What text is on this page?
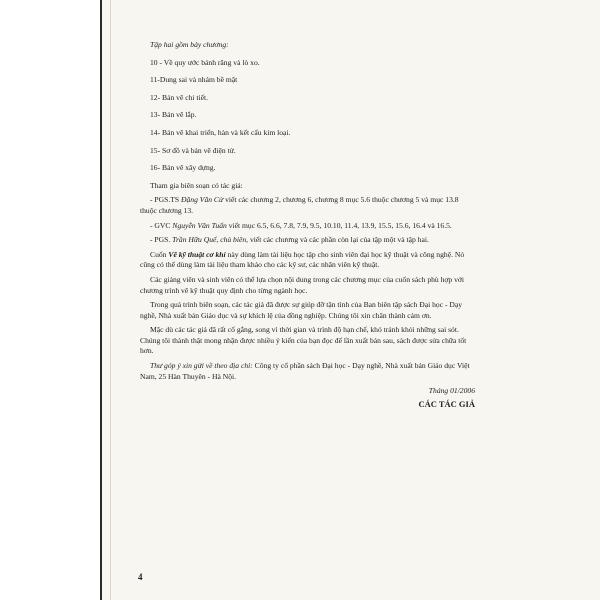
Tập hai gồm bảy chương:

10 - Về quy ước bánh răng và lò xo.

11-Dung sai và nhám bề mặt

12- Bản vẽ chi tiết.

13- Bản vẽ lắp.

14- Bản vẽ khai triển, hàn và kết cấu kim loại.

15- Sơ đồ và bản vẽ điện tử.

16- Bản vẽ xây dựng.

Tham gia biên soạn có tác giả:

- PGS.TS Đặng Văn Cừ viết các chương 2, chương 6, chương 8 mục 5.6 thuộc chương 5 và mục 13.8 thuộc chương 13.

- GVC Nguyễn Văn Tuấn viết mục 6.5, 6.6, 7.8, 7.9, 9.5, 10.10, 11.4, 13.9, 15.5, 15.6, 16.4 và 16.5.

- PGS. Trần Hữu Quế, chủ biên, viết các chương và các phần còn lại của tập một và tập hai.

Cuốn Vẽ kỹ thuật cơ khí này dùng làm tài liệu học tập cho sinh viên đại học kỹ thuật và công nghệ. Nó cũng có thể dùng làm tài liệu tham khảo cho các kỹ sư, các nhân viên kỹ thuật.

Các giảng viên và sinh viên có thể lựa chọn nội dung trong các chương mục của cuốn sách phù hợp với chương trình vẽ kỹ thuật quy định cho từng ngành học.

Trong quá trình biên soạn, các tác giả đã được sự giúp đỡ tận tình của Ban biên tập sách Đại học - Dạy nghề, Nhà xuất bản Giáo dục và sự khích lệ của đồng nghiệp. Chúng tôi xin chân thành cảm ơn.

Mặc dù các tác giả đã rất cố gắng, song vì thời gian và trình độ hạn chế, khó tránh khỏi những sai sót. Chúng tôi thành thật mong nhận được nhiều ý kiến của bạn đọc để lần xuất bản sau, sách được sửa chữa tốt hơn.

Thư góp ý xin gửi về theo địa chỉ: Công ty cổ phần sách Đại học - Dạy nghề, Nhà xuất bản Giáo dục Việt Nam, 25 Hàn Thuyên - Hà Nội.

Tháng 01/2006

CÁC TÁC GIẢ

4
